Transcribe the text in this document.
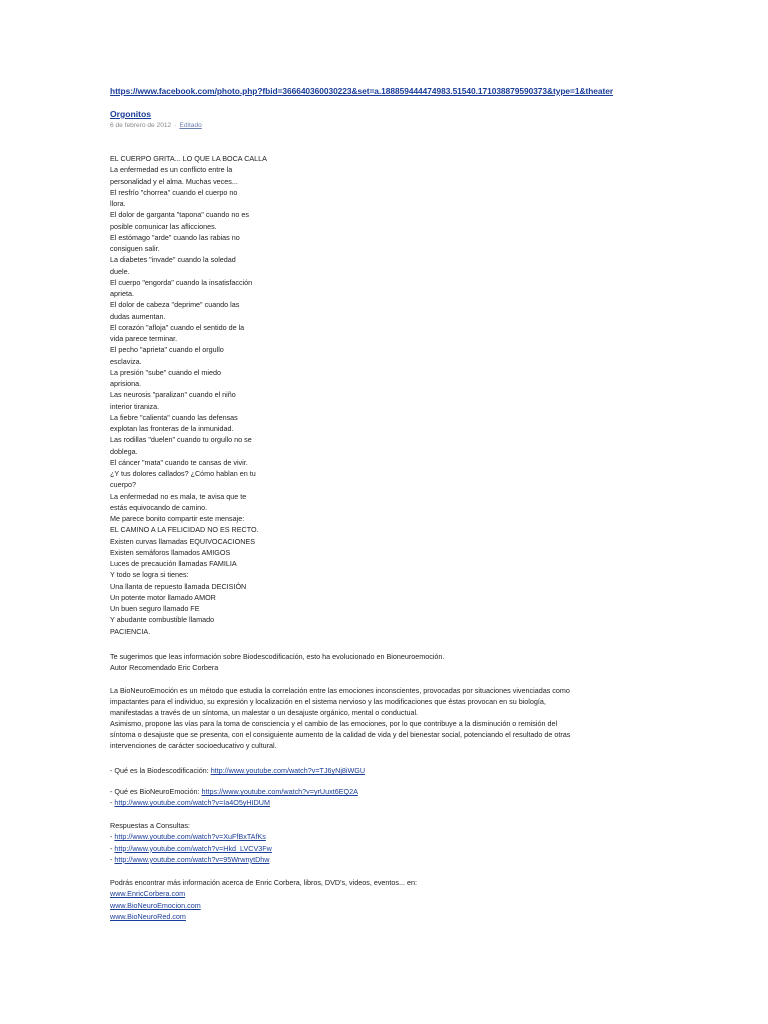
https://www.facebook.com/photo.php?fbid=366640360030223&set=a.188859444474983.51540.171038879590373&type=1&theater
Orgonitos
6 de febrero de 2012 · Editado
EL CUERPO GRITA... LO QUE LA BOCA CALLA
La enfermedad es un conflicto entre la
personalidad y el alma. Muchas veces...
El resfrío "chorrea" cuando el cuerpo no
llora.
El dolor de garganta "tapona" cuando no es
posible comunicar las aflicciones.
El estómago "arde" cuando las rabias no
consiguen salir.
La diabetes "invade" cuando la soledad
duele.
El cuerpo "engorda" cuando la insatisfacción
aprieta.
El dolor de cabeza "deprime" cuando las
dudas aumentan.
El corazón "afloja" cuando el sentido de la
vida parece terminar.
El pecho "aprieta" cuando el orgullo
esclaviza.
La presión "sube" cuando el miedo
aprisiona.
Las neurosis "paralizan" cuando el niño
interior tiraniza.
La fiebre "calienta" cuando las defensas
explotan las fronteras de la inmunidad.
Las rodillas "duelen" cuando tu orgullo no se
doblega.
El cáncer "mata" cuando te cansas de vivir.
¿Y tus dolores callados? ¿Cómo hablan en tu
cuerpo?
La enfermedad no es mala, te avisa que te
estás equivocando de camino.
Me parece bonito compartir este mensaje:
EL CAMINO A LA FELICIDAD NO ES RECTO.
Existen curvas llamadas EQUIVOCACIONES
Existen semáforos llamados AMIGOS
Luces de precaución llamadas FAMILIA
Y todo se logra si tienes:
Una llanta de repuesto llamada DECISIÓN
Un potente motor llamado AMOR
Un buen seguro llamado FE
Y abudante combustible llamado
PACIENCIA.
Te sugerimos que leas información sobre Biodescodificación, esto ha evolucionado en Bioneuroemoción.
Autor Recomendado Eric Corbera
La BioNeuroEmoción es un método que estudia la correlación entre las emociones inconscientes, provocadas por situaciones vivenciadas como
impactantes para el individuo, su expresión y localización en el sistema nervioso y las modificaciones que éstas provocan en su biología,
manifestadas a través de un síntoma, un malestar o un desajuste orgánico, mental o conductual.
Asimismo, propone las vías para la toma de consciencia y el cambio de las emociones, por lo que contribuye a la disminución o remisión del
síntoma o desajuste que se presenta, con el consiguiente aumento de la calidad de vida y del bienestar social, potenciando el resultado de otras
intervenciones de carácter socioeducativo y cultural.
- Qué es la Biodescodificación: http://www.youtube.com/watch?v=TJ6yNj8iWGU
- Qué es BioNeuroEmoción: https://www.youtube.com/watch?v=yrUuxt6EQ2A
- http://www.youtube.com/watch?v=Ia4O5yHIDUM
Respuestas a Consultas:
- http://www.youtube.com/watch?v=XuFfBxTAfKs
- http://www.youtube.com/watch?v=Hkd_LVCV3Fw
- http://www.youtube.com/watch?v=95WrwnytDhw
Podrás encontrar más información acerca de Enric Corbera, libros, DVD's, videos, eventos... en:
www.EnricCorbera.com
www.BioNeuroEmocion.com
www.BioNeuroRed.com
